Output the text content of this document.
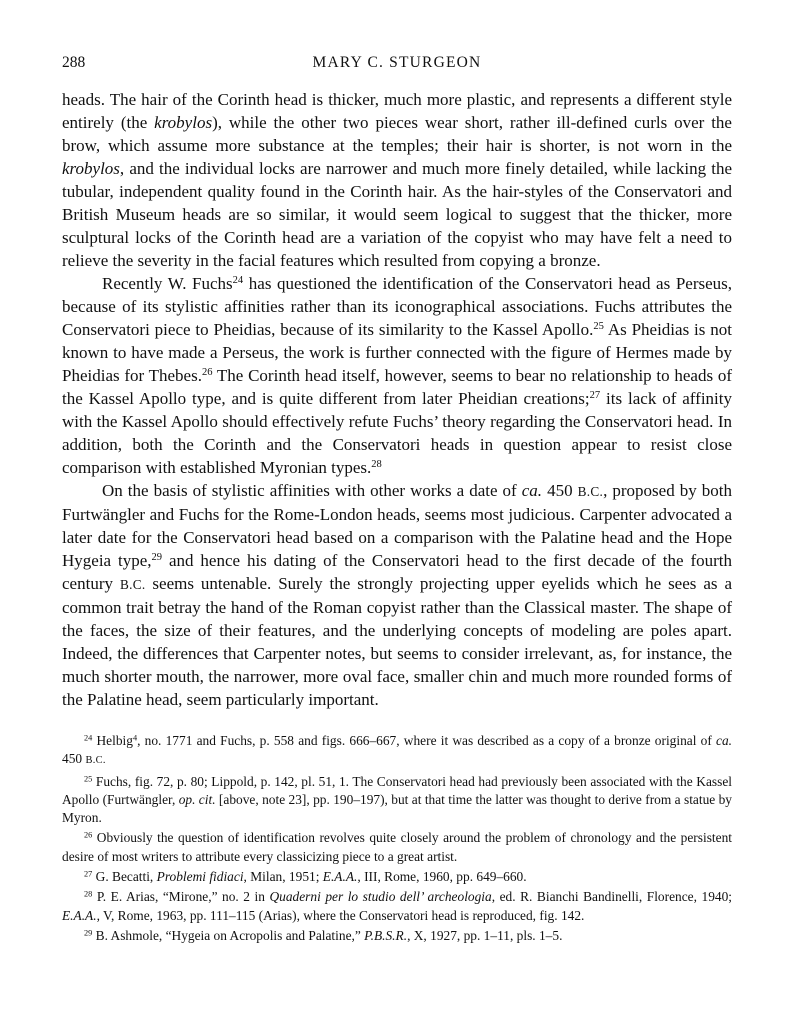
288	MARY C. STURGEON

heads. The hair of the Corinth head is thicker, much more plastic, and represents a different style entirely (the krobylos), while the other two pieces wear short, rather ill-defined curls over the brow, which assume more substance at the temples; their hair is shorter, is not worn in the krobylos, and the individual locks are narrower and much more finely detailed, while lacking the tubular, independent quality found in the Corinth hair. As the hair-styles of the Conservatori and British Museum heads are so similar, it would seem logical to suggest that the thicker, more sculptural locks of the Corinth head are a variation of the copyist who may have felt a need to relieve the severity in the facial features which resulted from copying a bronze.

Recently W. Fuchs$^{24}$ has questioned the identification of the Conservatori head as Perseus, because of its stylistic affinities rather than its iconographical associations. Fuchs attributes the Conservatori piece to Pheidias, because of its similarity to the Kassel Apollo.$^{25}$ As Pheidias is not known to have made a Perseus, the work is further connected with the figure of Hermes made by Pheidias for Thebes.$^{26}$ The Corinth head itself, however, seems to bear no relationship to heads of the Kassel Apollo type, and is quite different from later Pheidian creations;$^{27}$ its lack of affinity with the Kassel Apollo should effectively refute Fuchs’ theory regarding the Conservatori head. In addition, both the Corinth and the Conservatori heads in question appear to resist close comparison with established Myronian types.$^{28}$

On the basis of stylistic affinities with other works a date of ca. 450 B.C., proposed by both Furtwängler and Fuchs for the Rome-London heads, seems most judicious. Carpenter advocated a later date for the Conservatori head based on a comparison with the Palatine head and the Hope Hygeia type,$^{29}$ and hence his dating of the Conservatori head to the first decade of the fourth century B.C. seems untenable. Surely the strongly projecting upper eyelids which he sees as a common trait betray the hand of the Roman copyist rather than the Classical master. The shape of the faces, the size of their features, and the underlying concepts of modeling are poles apart. Indeed, the differences that Carpenter notes, but seems to consider irrelevant, as, for instance, the much shorter mouth, the narrower, more oval face, smaller chin and much more rounded forms of the Palatine head, seem particularly important.

$^{24}$ Helbig$^4$, no. 1771 and Fuchs, p. 558 and figs. 666–667, where it was described as a copy of a bronze original of ca. 450 B.C.

$^{25}$ Fuchs, fig. 72, p. 80; Lippold, p. 142, pl. 51, 1. The Conservatori head had previously been associated with the Kassel Apollo (Furtwängler, op. cit. [above, note 23], pp. 190–197), but at that time the latter was thought to derive from a statue by Myron.

$^{26}$ Obviously the question of identification revolves quite closely around the problem of chronology and the persistent desire of most writers to attribute every classicizing piece to a great artist.

$^{27}$ G. Becatti, Problemi fidiaci, Milan, 1951; E.A.A., III, Rome, 1960, pp. 649–660.

$^{28}$ P. E. Arias, “Mirone,” no. 2 in Quaderni per lo studio dell’ archeologia, ed. R. Bianchi Bandinelli, Florence, 1940; E.A.A., V, Rome, 1963, pp. 111–115 (Arias), where the Conservatori head is reproduced, fig. 142.

$^{29}$ B. Ashmole, “Hygeia on Acropolis and Palatine,” P.B.S.R., X, 1927, pp. 1–11, pls. 1–5.
